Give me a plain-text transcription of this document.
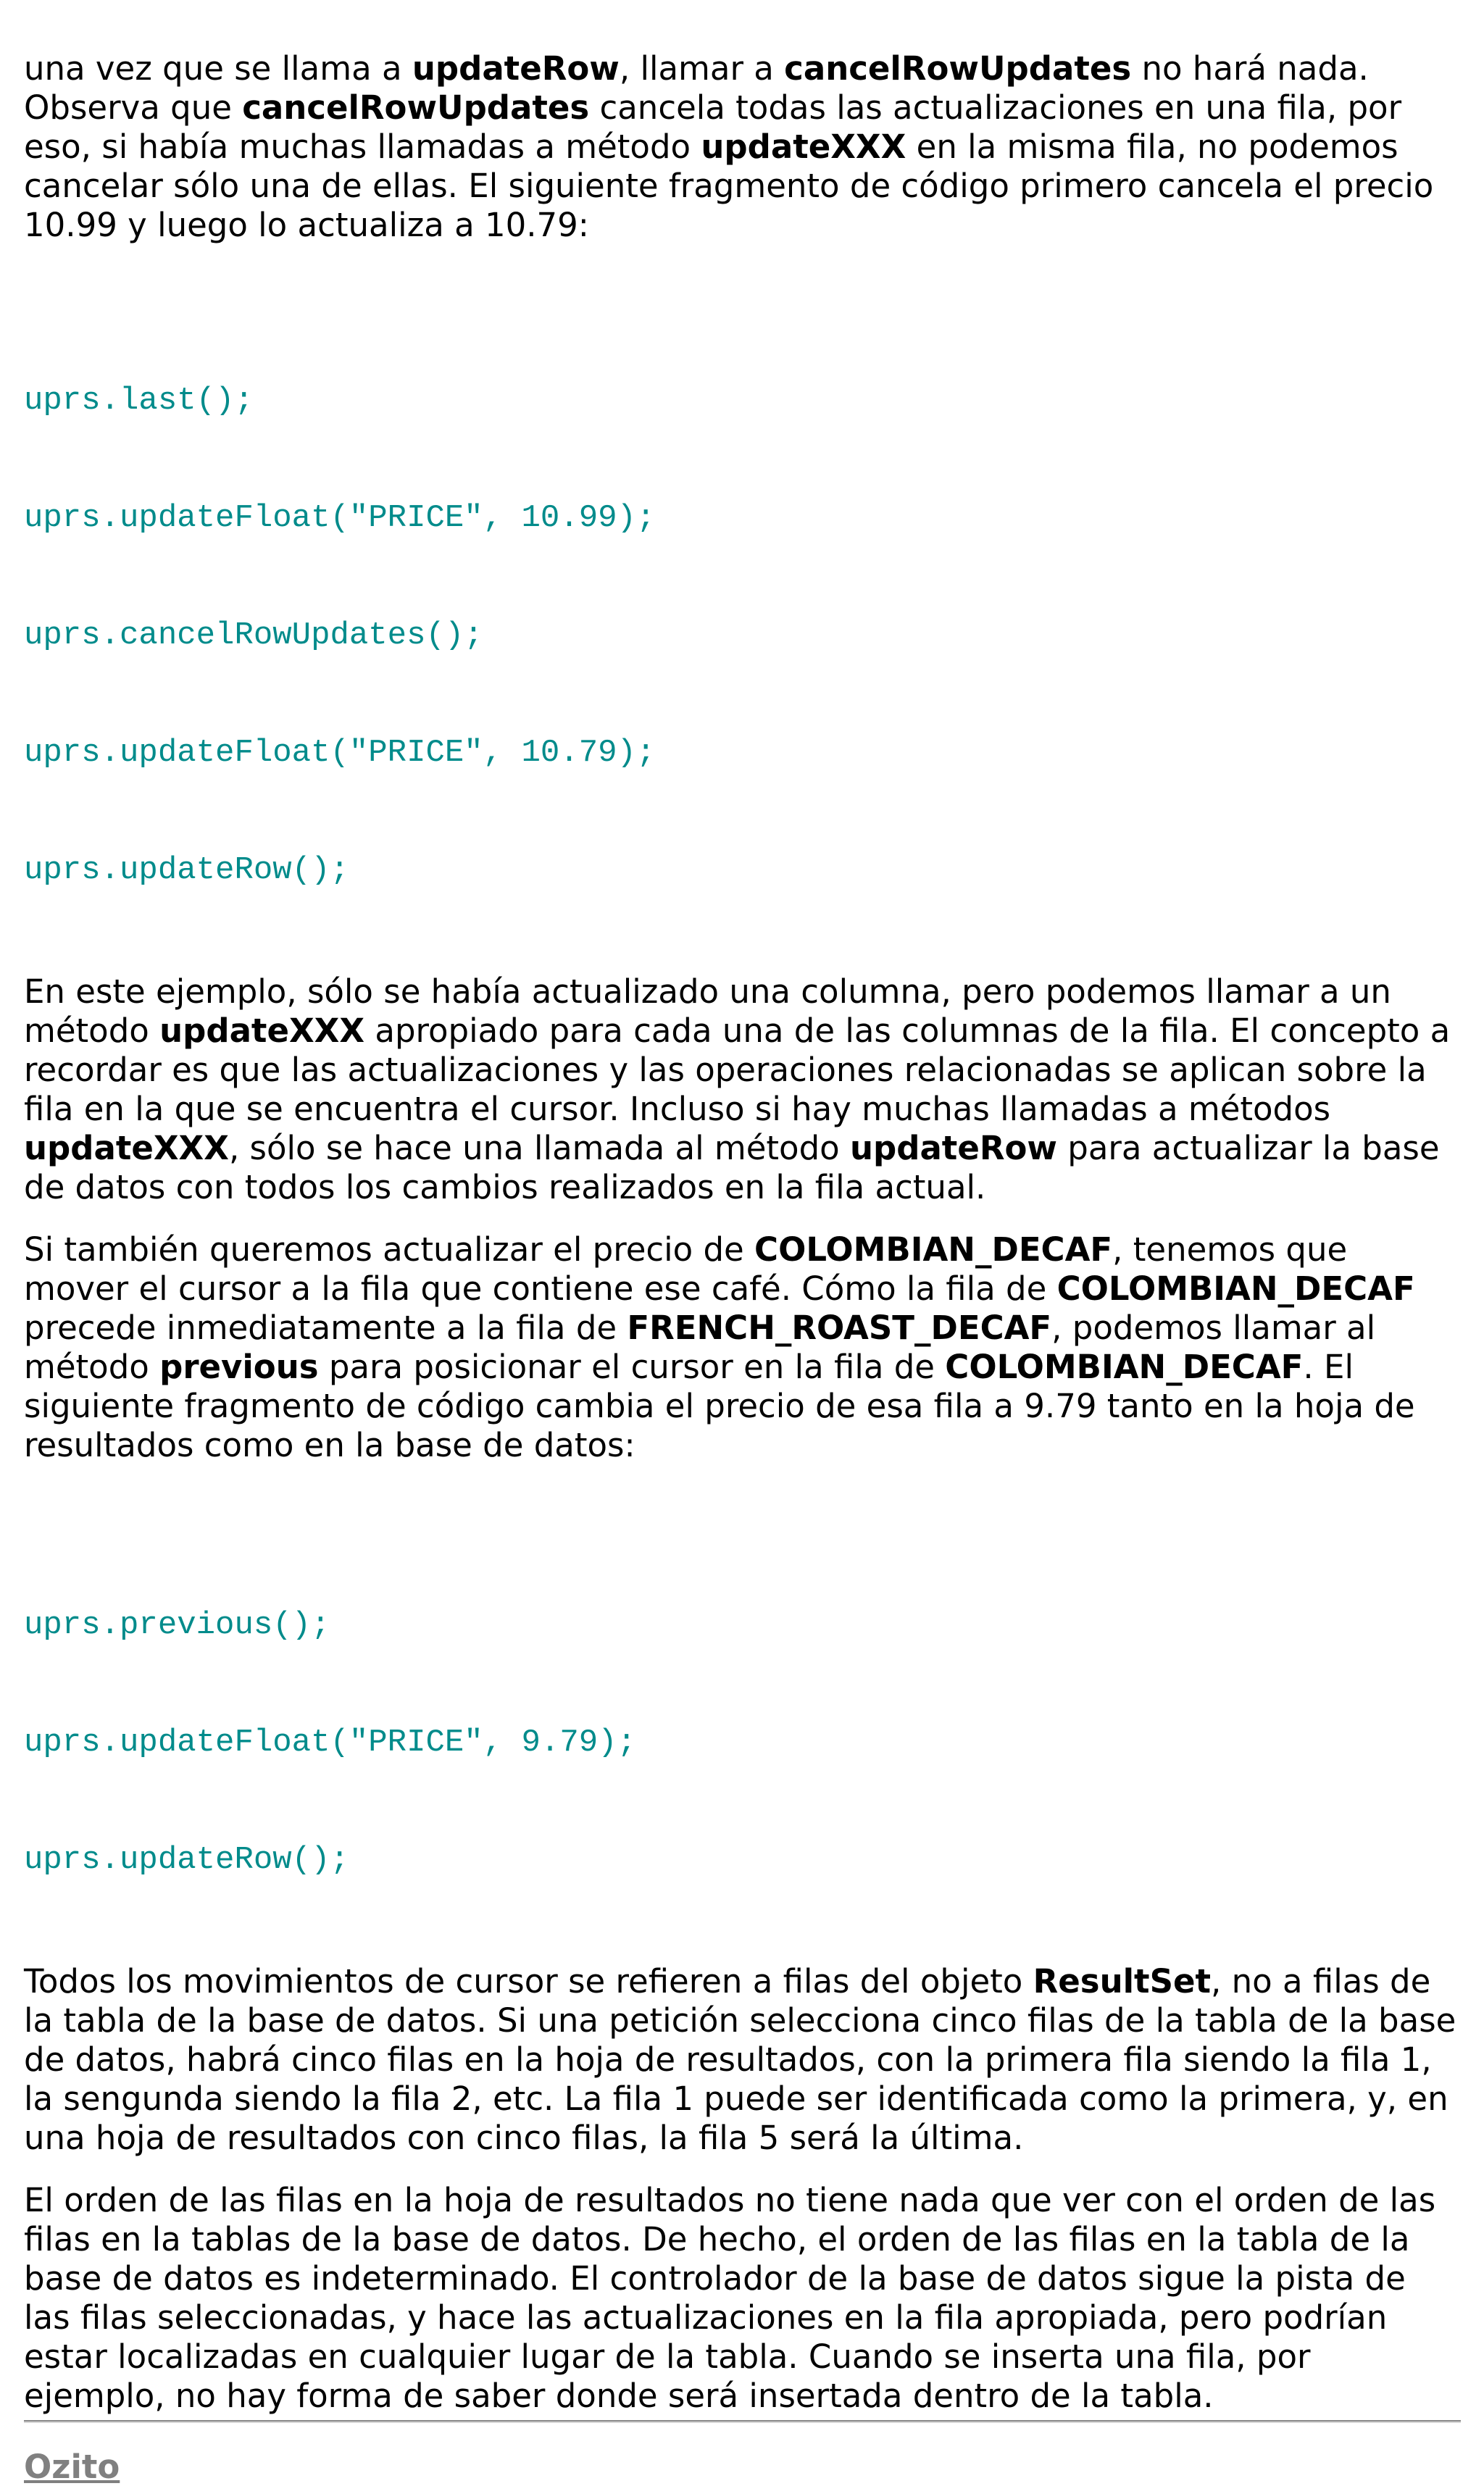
una vez que se llama a updateRow, llamar a cancelRowUpdates no hará nada. Observa que cancelRowUpdates cancela todas las actualizaciones en una fila, por eso, si había muchas llamadas a método updateXXX en la misma fila, no podemos cancelar sólo una de ellas. El siguiente fragmento de código primero cancela el precio 10.99 y luego lo actualiza a 10.79:

uprs.last();

uprs.updateFloat("PRICE", 10.99);

uprs.cancelRowUpdates();

uprs.updateFloat("PRICE", 10.79);

uprs.updateRow();

En este ejemplo, sólo se había actualizado una columna, pero podemos llamar a un método updateXXX apropiado para cada una de las columnas de la fila. El concepto a recordar es que las actualizaciones y las operaciones relacionadas se aplican sobre la fila en la que se encuentra el cursor. Incluso si hay muchas llamadas a métodos updateXXX, sólo se hace una llamada al método updateRow para actualizar la base de datos con todos los cambios realizados en la fila actual.

Si también queremos actualizar el precio de COLOMBIAN_DECAF, tenemos que mover el cursor a la fila que contiene ese café. Cómo la fila de COLOMBIAN_DECAF precede inmediatamente a la fila de FRENCH_ROAST_DECAF, podemos llamar al método previous para posicionar el cursor en la fila de COLOMBIAN_DECAF. El siguiente fragmento de código cambia el precio de esa fila a 9.79 tanto en la hoja de resultados como en la base de datos:

uprs.previous();

uprs.updateFloat("PRICE", 9.79);

uprs.updateRow();

Todos los movimientos de cursor se refieren a filas del objeto ResultSet, no a filas de la tabla de la base de datos. Si una petición selecciona cinco filas de la tabla de la base de datos, habrá cinco filas en la hoja de resultados, con la primera fila siendo la fila 1, la sengunda siendo la fila 2, etc. La fila 1 puede ser identificada como la primera, y, en una hoja de resultados con cinco filas, la fila 5 será la última.

El orden de las filas en la hoja de resultados no tiene nada que ver con el orden de las filas en la tablas de la base de datos. De hecho, el orden de las filas en la tabla de la base de datos es indeterminado. El controlador de la base de datos sigue la pista de las filas seleccionadas, y hace las actualizaciones en la fila apropiada, pero podrían estar localizadas en cualquier lugar de la tabla. Cuando se inserta una fila, por ejemplo, no hay forma de saber donde será insertada dentro de la tabla.

Ozito
